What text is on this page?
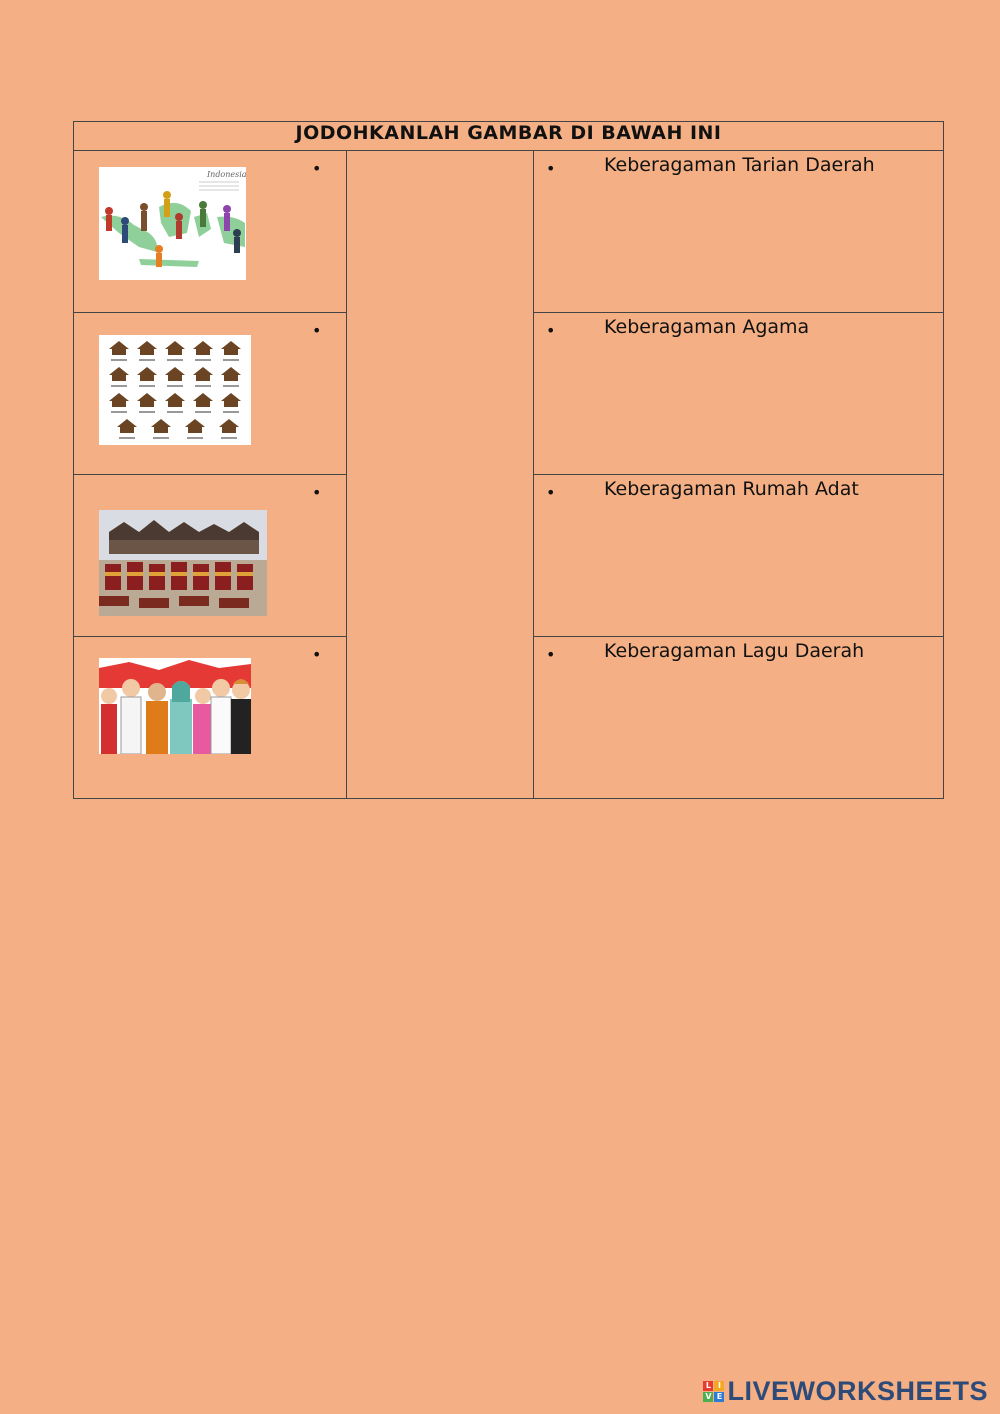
JODOHKANLAH GAMBAR DI BAWAH INI		

Indonesia •		• Keberagaman Tarian Daerah

•		• Keberagaman Agama

•		• Keberagaman Rumah Adat

•		• Keberagaman Lagu Daerah
L I
V E LIVEWORKSHEETS
